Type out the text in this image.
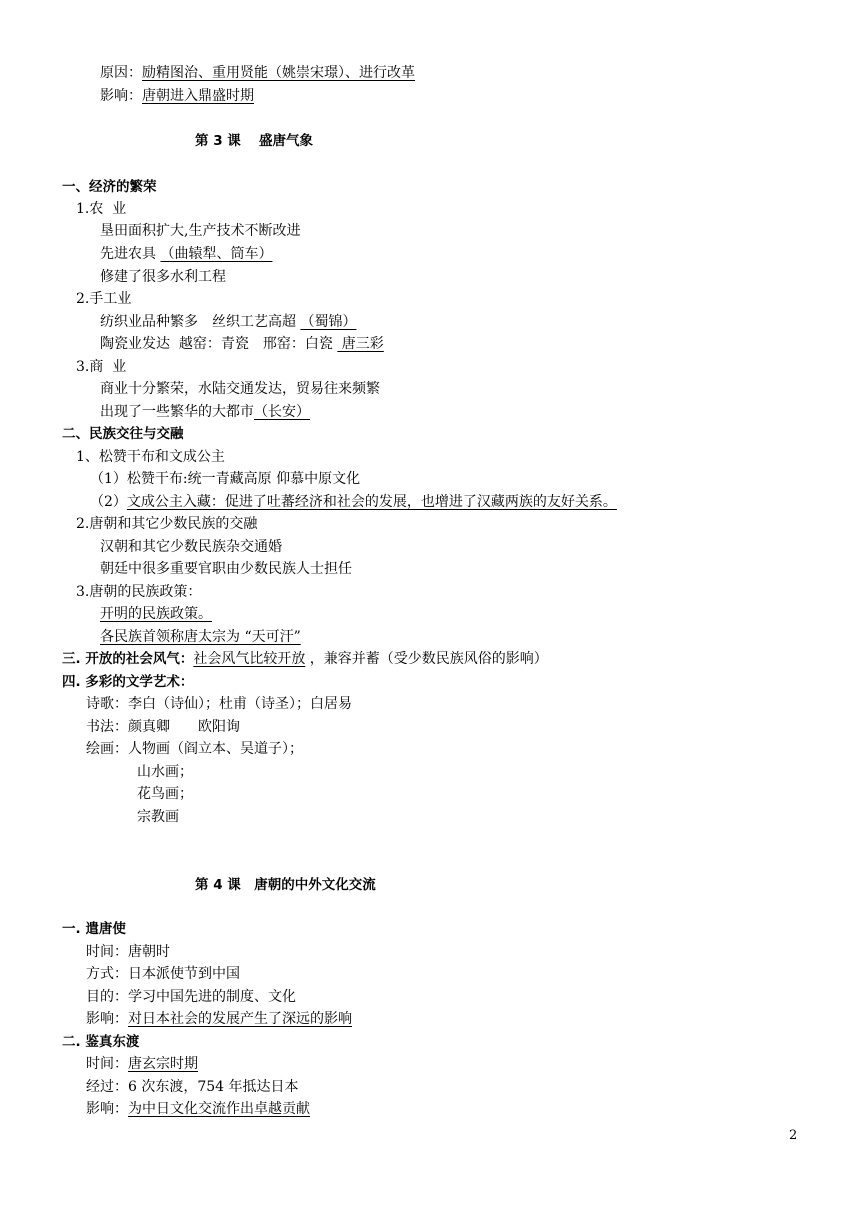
原因：励精图治、重用贤能（姚崇宋璟）、进行改革
影响：唐朝进入鼎盛时期
第 3 课　 盛唐气象
一、经济的繁荣
1.农  业
垦田面积扩大,生产技术不断改进
先进农具 （曲辕犁、筒车）
修建了很多水利工程
2.手工业
纺织业品种繁多　丝织工艺高超 （蜀锦）
陶瓷业发达  越窑：青瓷　邢窑：白瓷  唐三彩
3.商  业
商业十分繁荣，水陆交通发达，贸易往来频繁
出现了一些繁华的大都市（长安）
二、民族交往与交融
1、松赞干布和文成公主
（1）松赞干布:统一青藏高原 仰慕中原文化
（2）文成公主入藏：促进了吐蕃经济和社会的发展，也增进了汉藏两族的友好关系。
2.唐朝和其它少数民族的交融
汉朝和其它少数民族杂交通婚
朝廷中很多重要官职由少数民族人士担任
3.唐朝的民族政策：
开明的民族政策。
各民族首领称唐太宗为 “天可汗”
三. 开放的社会风气：社会风气比较开放 ，兼容并蓄（受少数民族风俗的影响）
四. 多彩的文学艺术：
诗歌：李白（诗仙）；杜甫（诗圣）；白居易
书法：颜真卿　　欧阳询
绘画：人物画（阎立本、吴道子）；
山水画；
花鸟画；
宗教画
第 4 课　唐朝的中外文化交流
一. 遣唐使
时间：唐朝时
方式：日本派使节到中国
目的：学习中国先进的制度、文化
影响：对日本社会的发展产生了深远的影响
二. 鉴真东渡
时间：唐玄宗时期
经过：6 次东渡，754 年抵达日本
影响：为中日文化交流作出卓越贡献
2
